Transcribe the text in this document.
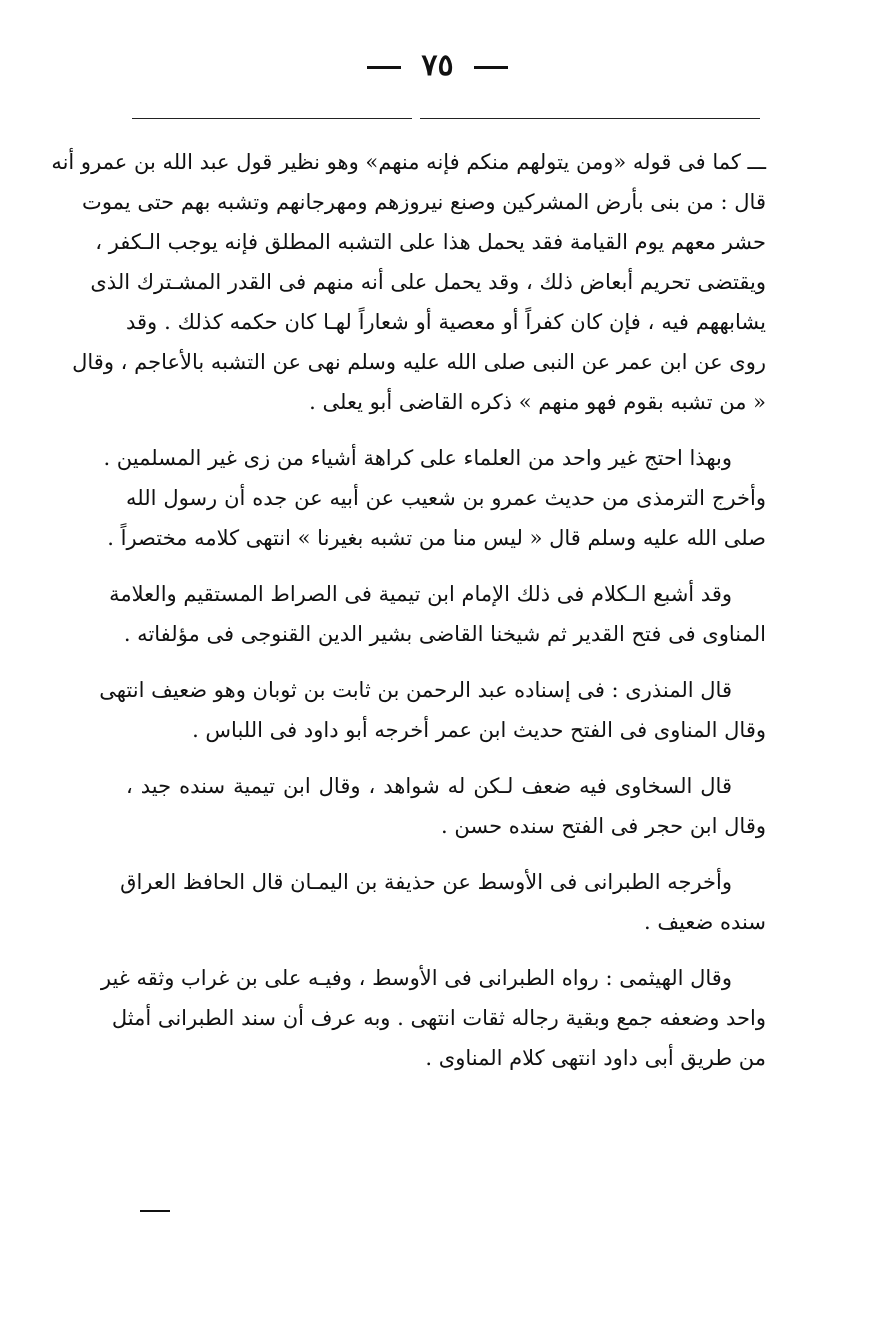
٧٥
ـــ كما فى قوله «ومن يتولهم منكم فإنه منهم» وهو نظير قول عبد الله بن عمرو أنه
قال : من بنى بأرض المشركين وصنع نيروزهم ومهرجانهم وتشبه بهم حتى يموت
حشر معهم يوم القيامة فقد يحمل هذا على التشبه المطلق فإنه يوجب الـكفر ،
ويقتضى تحريم أبعاض ذلك ، وقد يحمل على أنه منهم فى القدر المشـترك الذى
يشابههم فيه ، فإن كان كفراً أو معصية أو شعاراً لهـا كان حكمه كذلك . وقد
روى عن ابن عمر عن النبى صلى الله عليه وسلم نهى عن التشبه بالأعاجم ، وقال
« من تشبه بقوم فهو منهم » ذكره القاضى أبو يعلى .
وبهذا احتج غير واحد من العلماء على كراهة أشياء من زى غير المسلمين .
وأخرج الترمذى من حديث عمرو بن شعيب عن أبيه عن جده أن رسول الله
صلى الله عليه وسلم قال « ليس منا من تشبه بغيرنا » انتهى كلامه مختصراً .
وقد أشبع الـكلام فى ذلك الإمام ابن تيمية فى الصراط المستقيم والعلامة
المناوى فى فتح القدير ثم شيخنا القاضى بشير الدين القنوجى فى مؤلفاته .
قال المنذرى : فى إسناده عبد الرحمن بن ثابت بن ثوبان وهو ضعيف انتهى
وقال المناوى فى الفتح حديث ابن عمر أخرجه أبو داود فى اللباس .
قال السخاوى فيه ضعف لـكن له شواهد ، وقال ابن تيمية سنده جيد ،
وقال ابن حجر فى الفتح سنده حسن .
وأخرجه الطبرانى فى الأوسط عن حذيفة بن اليمـان قال الحافظ العراق
سنده ضعيف .
وقال الهيثمى : رواه الطبرانى فى الأوسط ، وفيـه على بن غراب وثقه غير
واحد وضعفه جمع وبقية رجاله ثقات انتهى . وبه عرف أن سند الطبرانى أمثل
من طريق أبى داود انتهى كلام المناوى .
